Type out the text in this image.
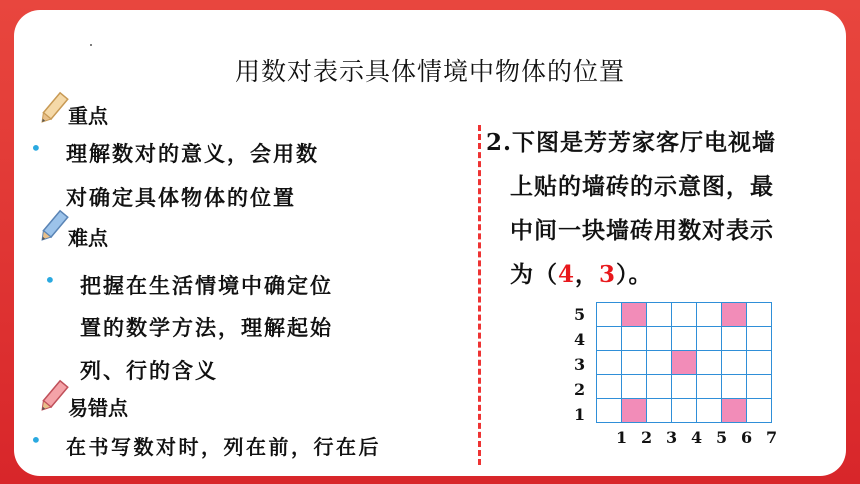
用数对表示具体情境中物体的位置
重点
• 理解数对的意义，会用数
对确定具体物体的位置
难点
• 把握在生活情境中确定位
置的数学方法，理解起始
列、行的含义
易错点
• 在书写数对时，列在前，行在后
2.下图是芳芳家客厅电视墙
上贴的墙砖的示意图，最
中间一块墙砖用数对表示
为（4，3）。
5
4
3
2
1
1 2 3 4 5 6 7
